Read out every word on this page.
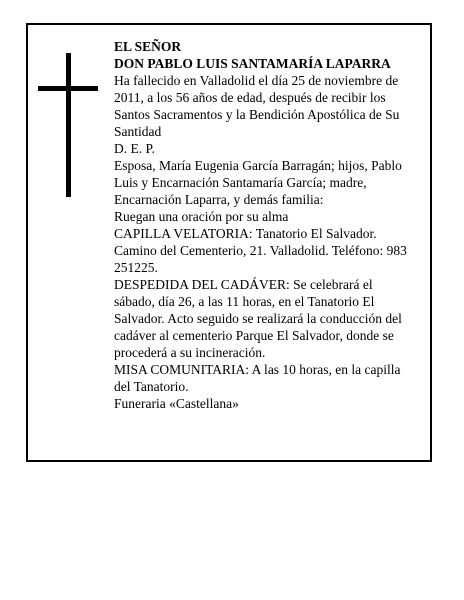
EL SEÑOR

DON PABLO LUIS SANTAMARÍA LAPARRA

Ha fallecido en Valladolid el día 25 de noviembre de 2011, a los 56 años de edad, después de recibir los Santos Sacramentos y la Bendición Apostólica de Su Santidad

D. E. P.

Esposa, María Eugenia García Barragán; hijos, Pablo Luis y Encarnación Santamaría García; madre, Encarnación Laparra, y demás familia:

Ruegan una oración por su alma

CAPILLA VELATORIA: Tanatorio El Salvador. Camino del Cementerio, 21. Valladolid. Teléfono: 983 251225.

DESPEDIDA DEL CADÁVER: Se celebrará el sábado, día 26, a las 11 horas, en el Tanatorio El Salvador. Acto seguido se realizará la conducción del cadáver al cementerio Parque El Salvador, donde se procederá a su incineración.

MISA COMUNITARIA: A las 10 horas, en la capilla del Tanatorio.

Funeraria «Castellana»
